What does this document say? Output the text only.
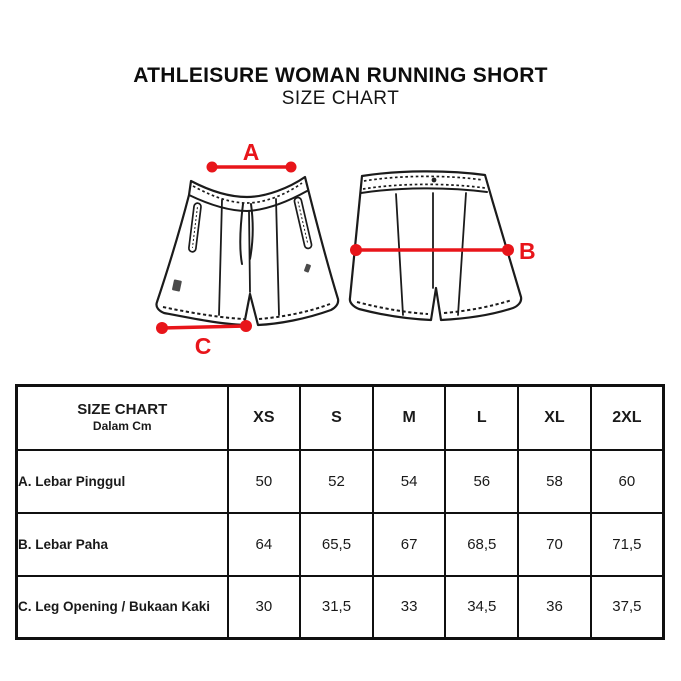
ATHLEISURE WOMAN RUNNING SHORT
SIZE CHART
A
B
C
SIZE CHART
Dalam Cm	XS	S	M	L	XL	2XL
A. Lebar Pinggul	50	52	54	56	58	60
B. Lebar Paha	64	65,5	67	68,5	70	71,5
C. Leg Opening / Bukaan Kaki	30	31,5	33	34,5	36	37,5
